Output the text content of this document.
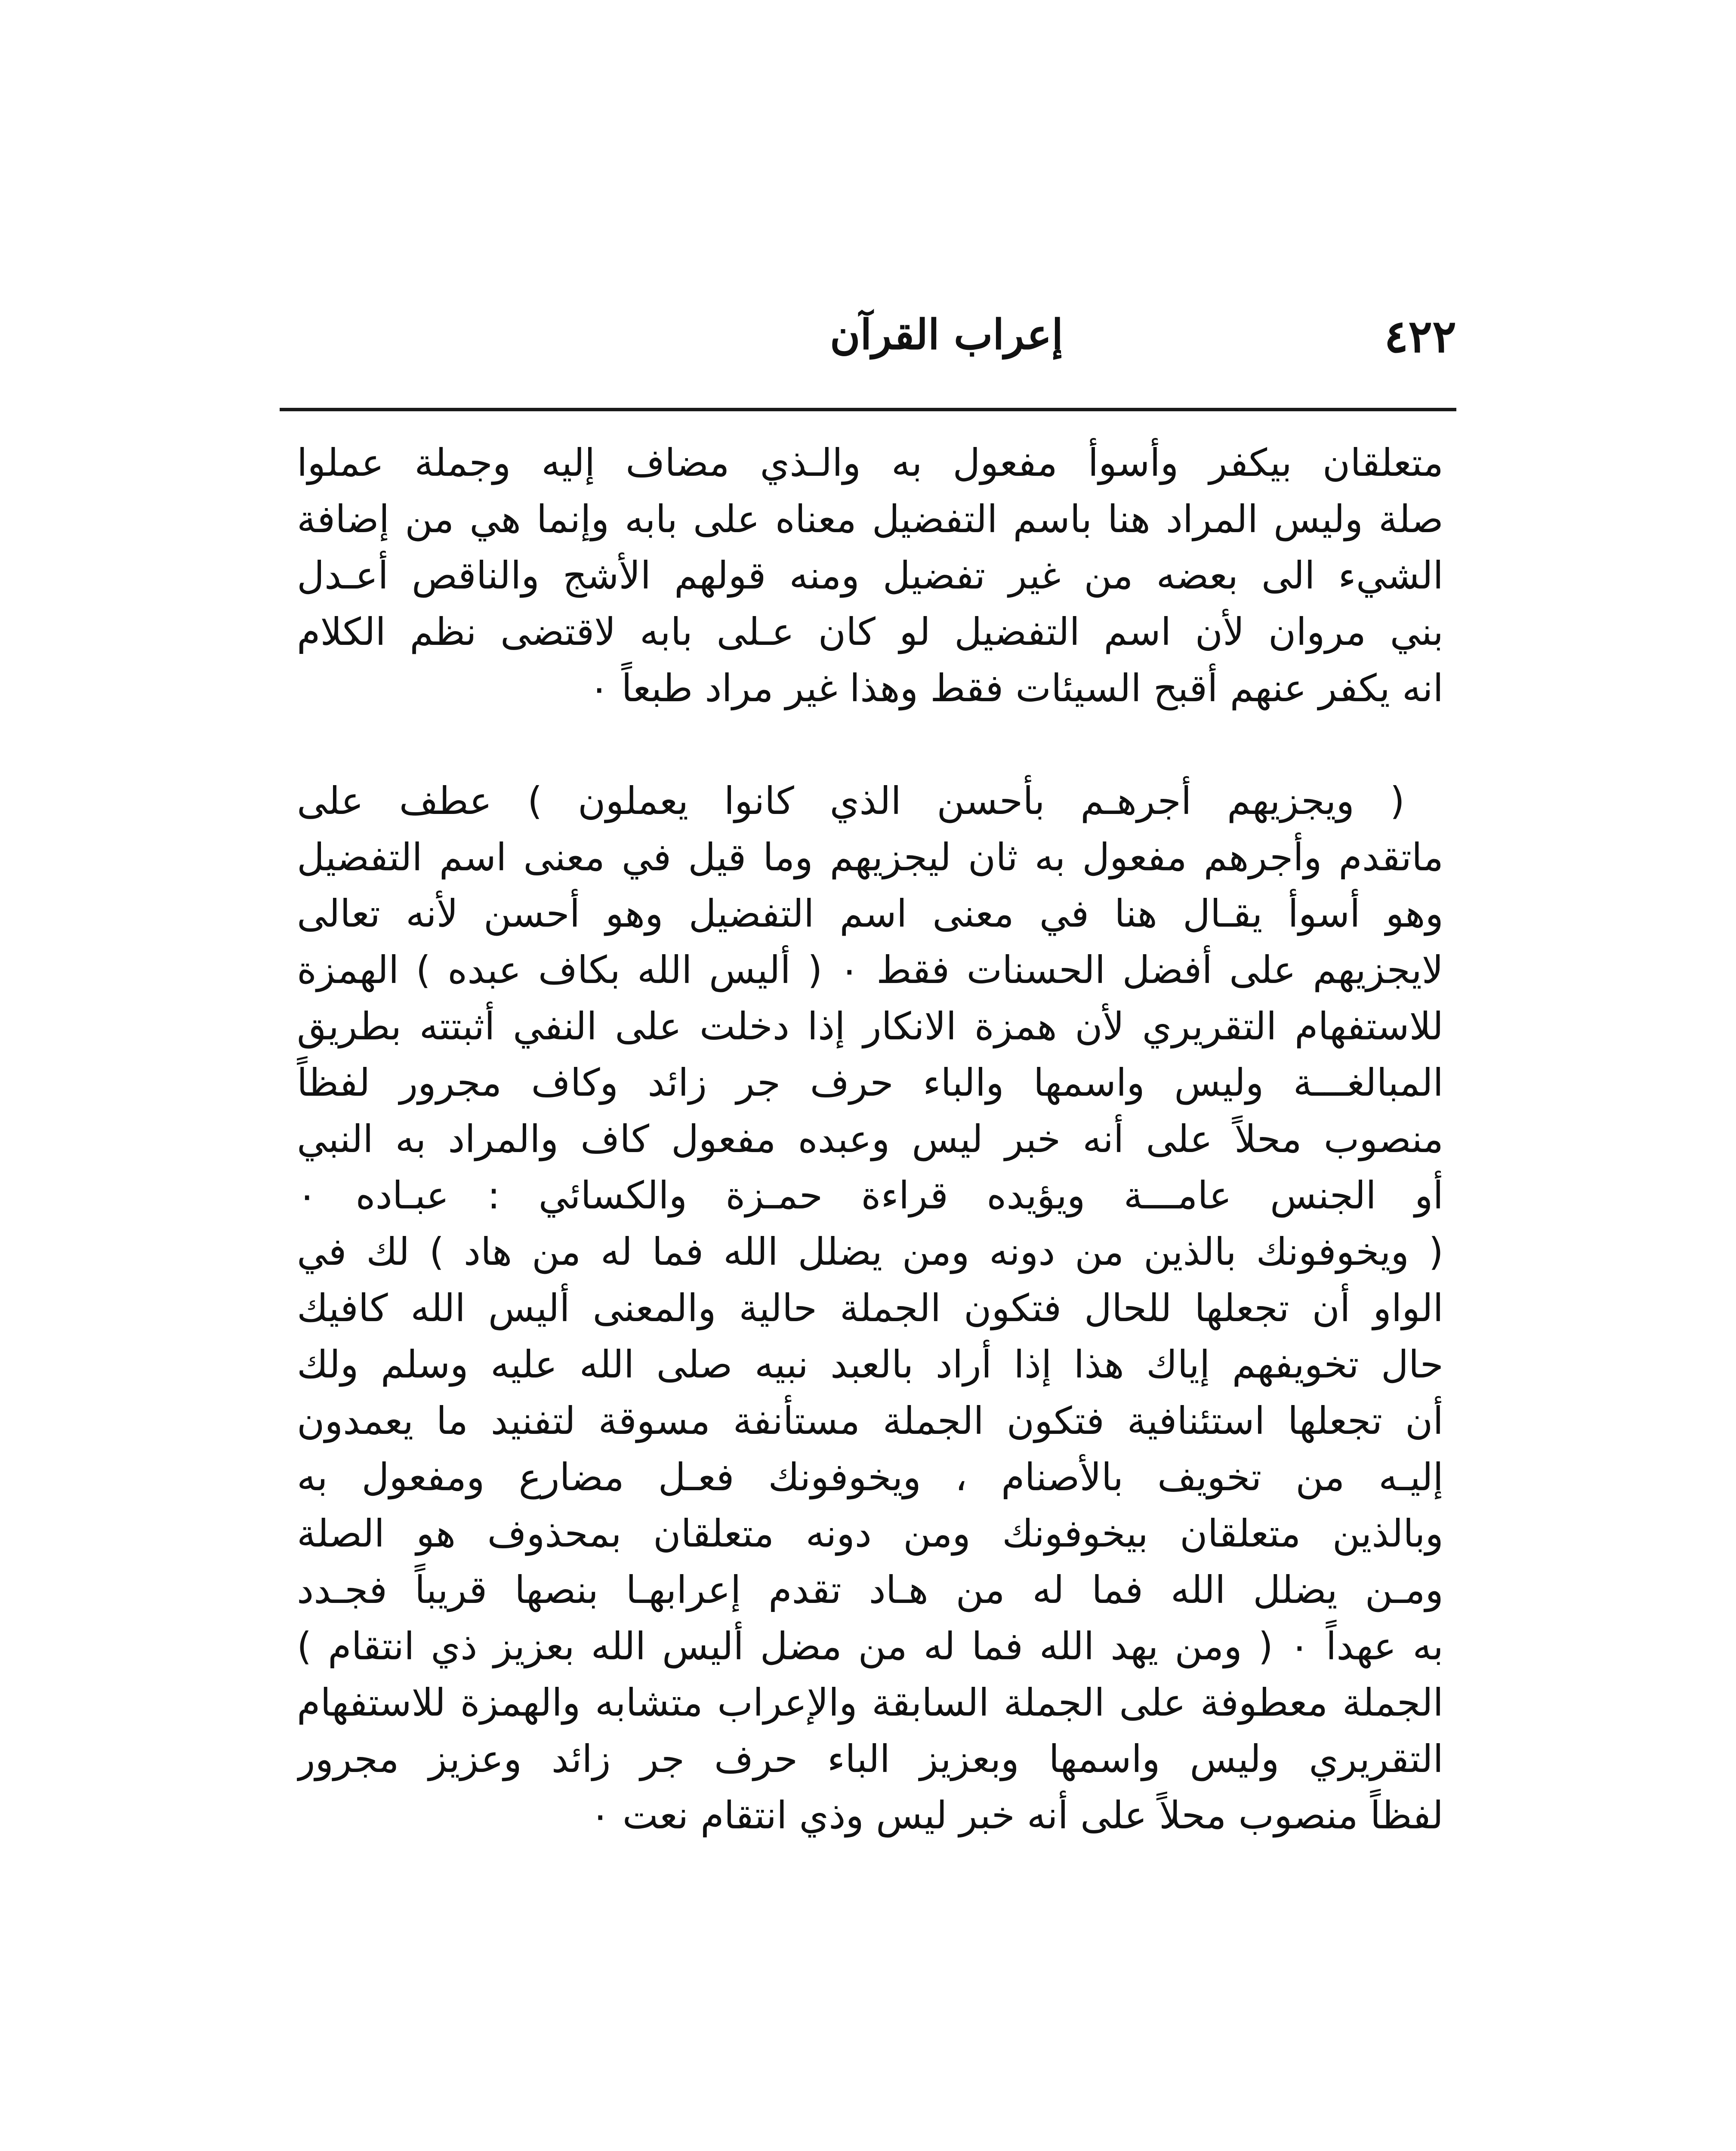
٤٢٢
إعراب القرآن
متعلقان بيكفر وأسوأ مفعول به والـذي مضاف إليه وجملة عملوا
صلة وليس المراد هنا باسم التفضيل معناه على بابه وإنما هي من إضافة
الشيء الى بعضه من غير تفضيل ومنه قولهم الأشج والناقص أعـدل
بني مروان لأن اسم التفضيل لو كان عـلى بابه لاقتضى نظم الكلام
انه يكفر عنهم أقبح السيئات فقط وهذا غير مراد طبعاً ٠
( ويجزيهم أجرهـم بأحسن الذي كانوا يعملون ) عطف على
ماتقدم وأجرهم مفعول به ثان ليجزيهم وما قيل في معنى اسم التفضيل
وهو أسوأ يقـال هنا في معنى اسم التفضيل وهو أحسن لأنه تعالى
لايجزيهم على أفضل الحسنات فقط ٠ ( أليس الله بكاف عبده ) الهمزة
للاستفهام التقريري لأن همزة الانكار إذا دخلت على النفي أثبتته بطريق
المبالغـــة وليس واسمها والباء حرف جر زائد وكاف مجرور لفظاً
منصوب محلاً على أنه خبر ليس وعبده مفعول كاف والمراد به النبي
أو الجنس عامـــة ويؤيده قراءة حمـزة والكسائي : عبـاده ٠
( ويخوفونك بالذين من دونه ومن يضلل الله فما له من هاد ) لك في
الواو أن تجعلها للحال فتكون الجملة حالية والمعنى أليس الله كافيك
حال تخويفهم إياك هذا إذا أراد بالعبد نبيه صلى الله عليه وسلم ولك
أن تجعلها استئنافية فتكون الجملة مستأنفة مسوقة لتفنيد ما يعمدون
إليـه من تخويف بالأصنام ، ويخوفونك فعـل مضارع ومفعول به
وبالذين متعلقان بيخوفونك ومن دونه متعلقان بمحذوف هو الصلة
ومـن يضلل الله فما له من هـاد تقدم إعرابهـا بنصها قريباً فجـدد
به عهداً ٠ ( ومن يهد الله فما له من مضل أليس الله بعزيز ذي انتقام )
الجملة معطوفة على الجملة السابقة والإعراب متشابه والهمزة للاستفهام
التقريري وليس واسمها وبعزيز الباء حرف جر زائد وعزيز مجرور
لفظاً منصوب محلاً على أنه خبر ليس وذي انتقام نعت ٠
